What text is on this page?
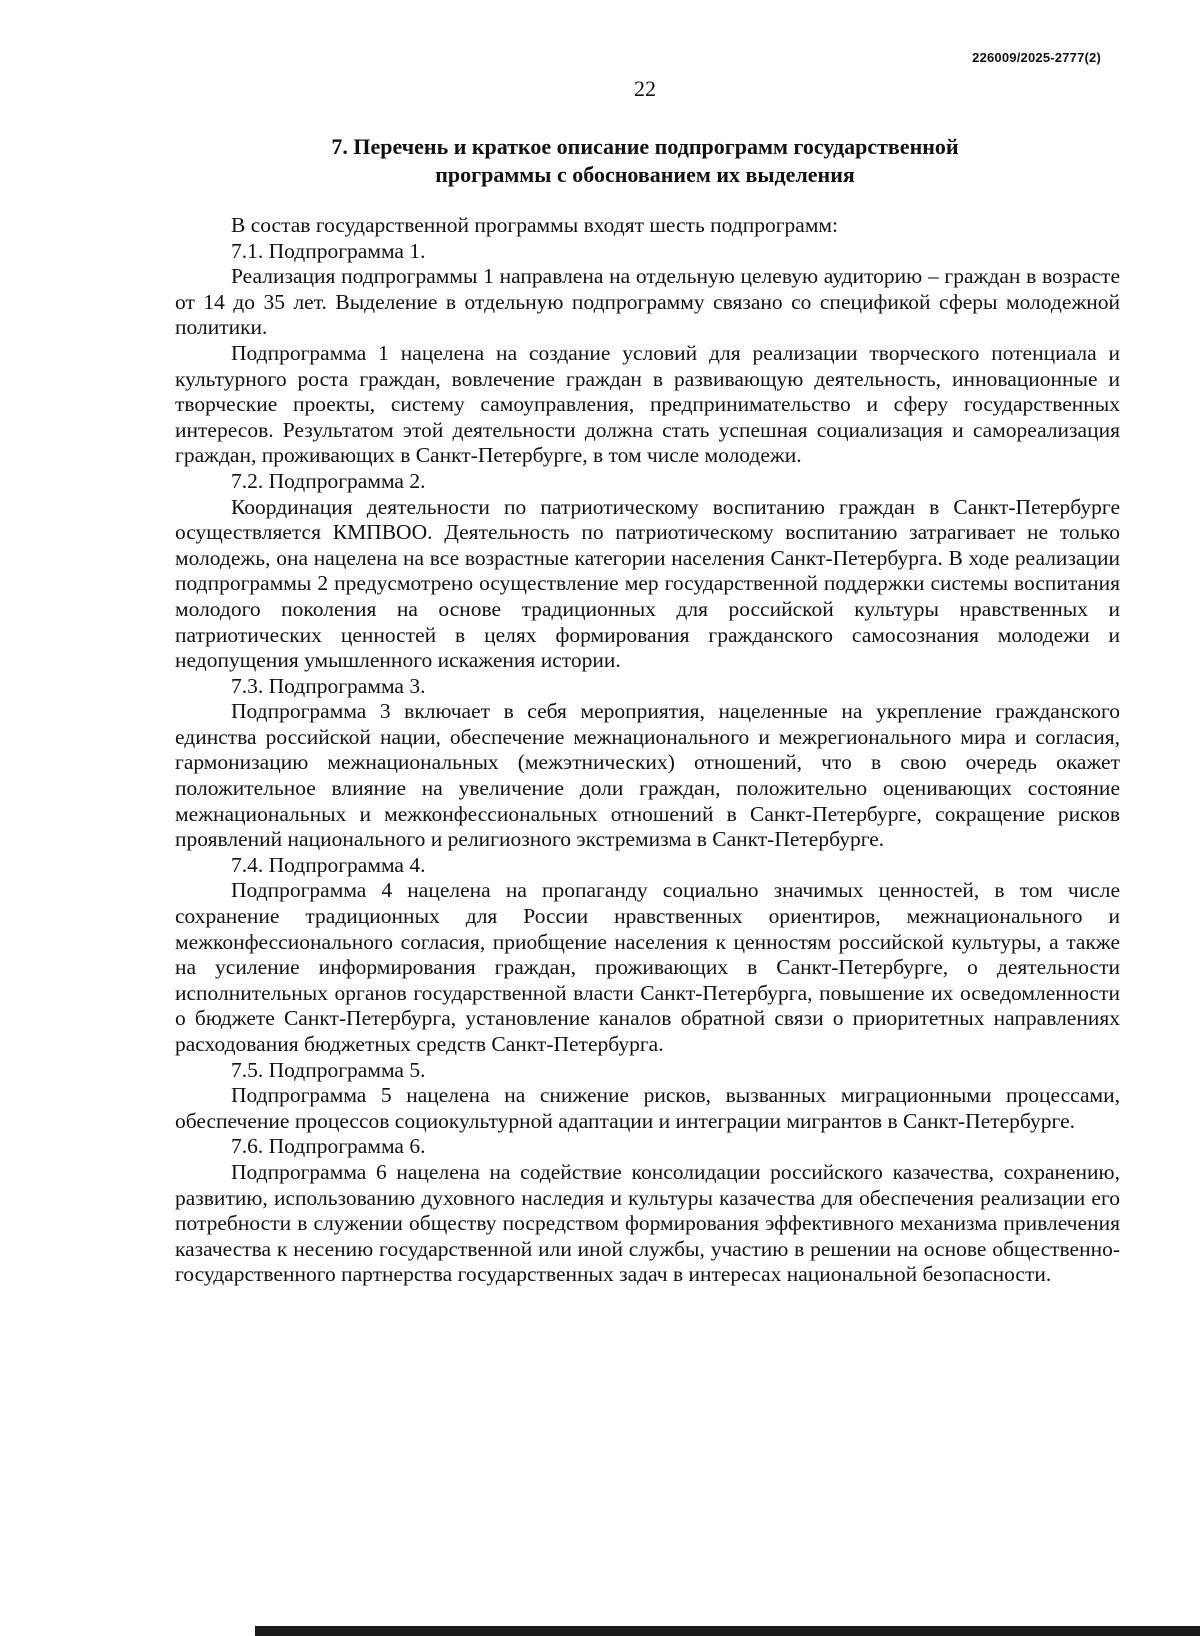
226009/2025-2777(2)
22
7. Перечень и краткое описание подпрограмм государственной
программы с обоснованием их выделения

В состав государственной программы входят шесть подпрограмм:

7.1. Подпрограмма 1.

Реализация подпрограммы 1 направлена на отдельную целевую аудиторию – граждан в возрасте от 14 до 35 лет. Выделение в отдельную подпрограмму связано со спецификой сферы молодежной политики.

Подпрограмма 1 нацелена на создание условий для реализации творческого потенциала и культурного роста граждан, вовлечение граждан в развивающую деятельность, инновационные и творческие проекты, систему самоуправления, предпринимательство и сферу государственных интересов. Результатом этой деятельности должна стать успешная социализация и самореализация граждан, проживающих в Санкт-Петербурге, в том числе молодежи.

7.2. Подпрограмма 2.

Координация деятельности по патриотическому воспитанию граждан в Санкт-Петербурге осуществляется КМПВОО. Деятельность по патриотическому воспитанию затрагивает не только молодежь, она нацелена на все возрастные категории населения Санкт-Петербурга. В ходе реализации подпрограммы 2 предусмотрено осуществление мер государственной поддержки системы воспитания молодого поколения на основе традиционных для российской культуры нравственных и патриотических ценностей в целях формирования гражданского самосознания молодежи и недопущения умышленного искажения истории.

7.3. Подпрограмма 3.

Подпрограмма 3 включает в себя мероприятия, нацеленные на укрепление гражданского единства российской нации, обеспечение межнационального и межрегионального мира и согласия, гармонизацию межнациональных (межэтнических) отношений, что в свою очередь окажет положительное влияние на увеличение доли граждан, положительно оценивающих состояние межнациональных и межконфессиональных отношений в Санкт-Петербурге, сокращение рисков проявлений национального и религиозного экстремизма в Санкт-Петербурге.

7.4. Подпрограмма 4.

Подпрограмма 4 нацелена на пропаганду социально значимых ценностей, в том числе сохранение традиционных для России нравственных ориентиров, межнационального и межконфессионального согласия, приобщение населения к ценностям российской культуры, а также на усиление информирования граждан, проживающих в Санкт-Петербурге, о деятельности исполнительных органов государственной власти Санкт-Петербурга, повышение их осведомленности о бюджете Санкт-Петербурга, установление каналов обратной связи о приоритетных направлениях расходования бюджетных средств Санкт-Петербурга.

7.5. Подпрограмма 5.

Подпрограмма 5 нацелена на снижение рисков, вызванных миграционными процессами, обеспечение процессов социокультурной адаптации и интеграции мигрантов в Санкт-Петербурге.

7.6. Подпрограмма 6.

Подпрограмма 6 нацелена на содействие консолидации российского казачества, сохранению, развитию, использованию духовного наследия и культуры казачества для обеспечения реализации его потребности в служении обществу посредством формирования эффективного механизма привлечения казачества к несению государственной или иной службы, участию в решении на основе общественно-государственного партнерства государственных задач в интересах национальной безопасности.
